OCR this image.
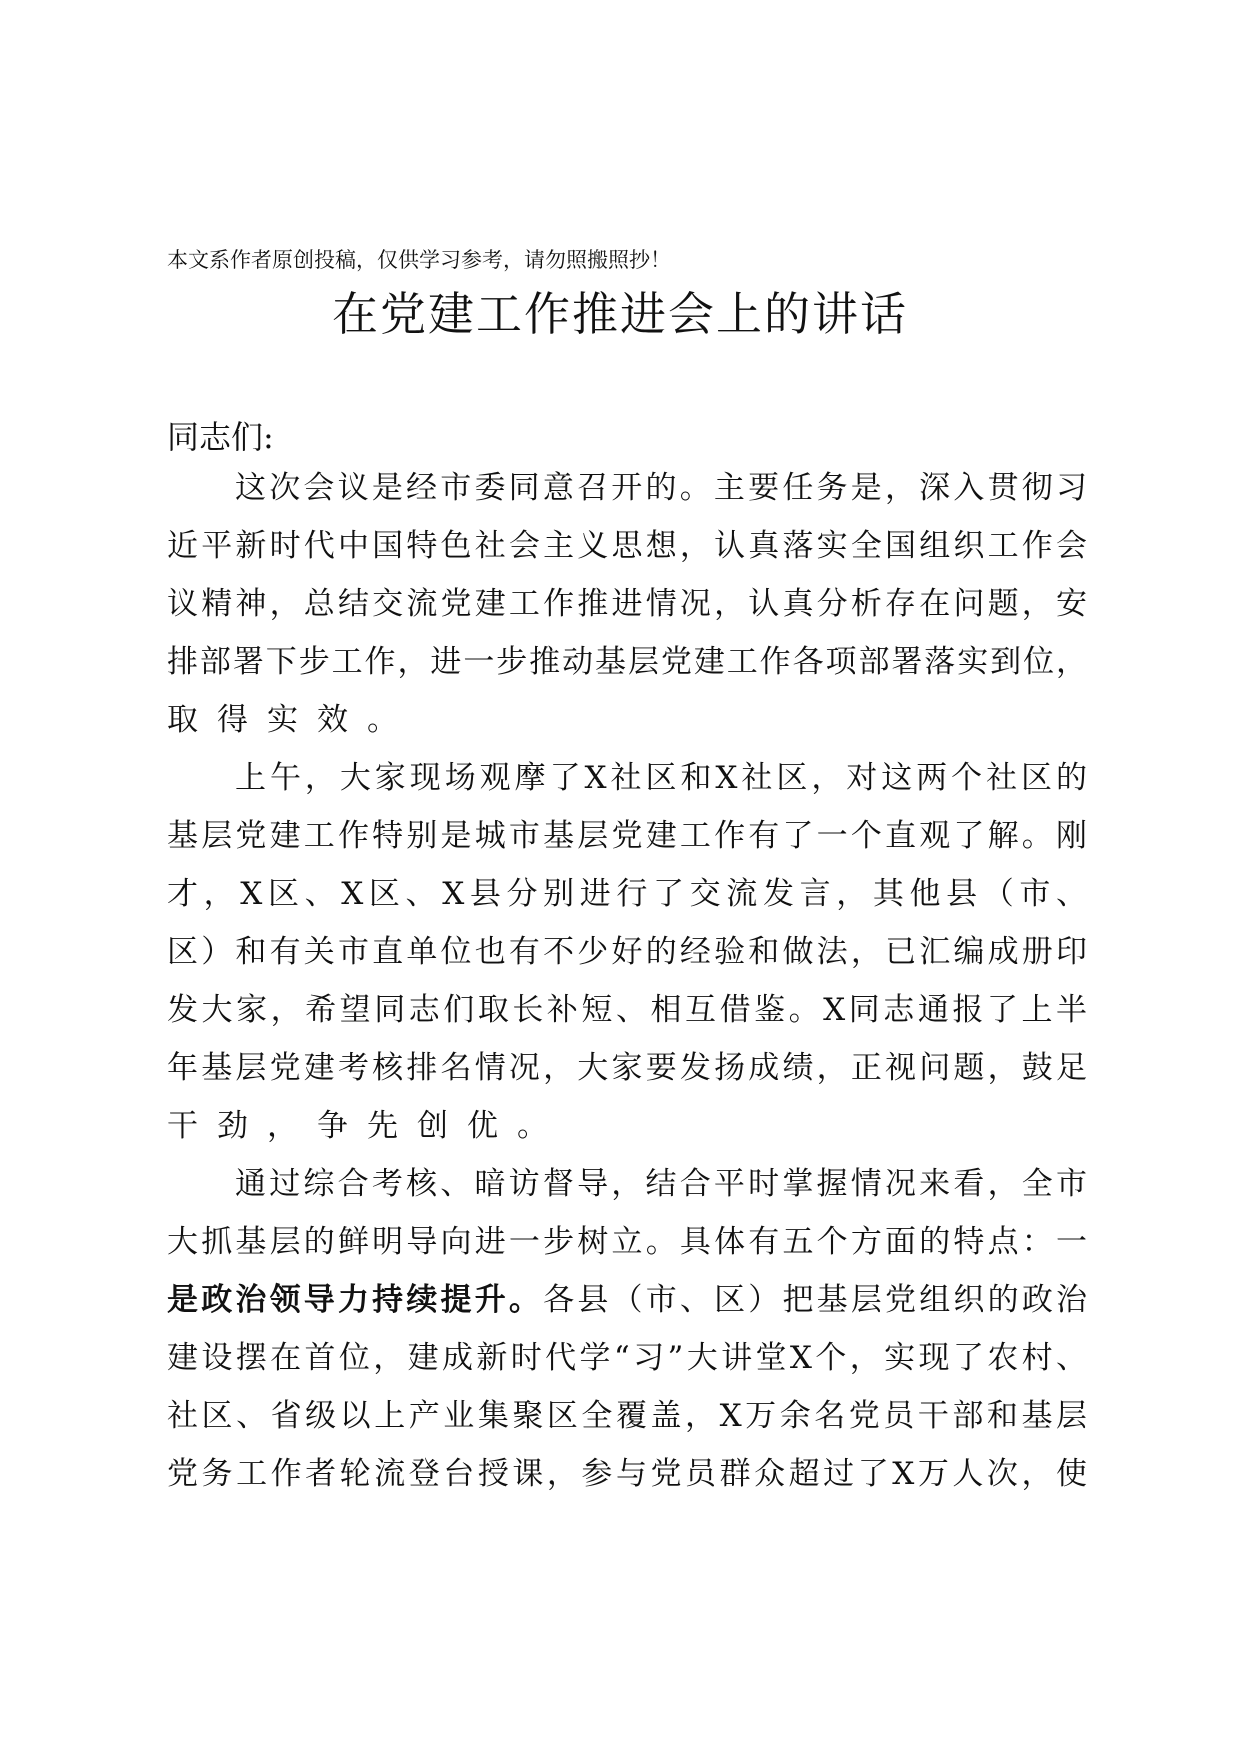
本文系作者原创投稿，仅供学习参考，请勿照搬照抄！
在党建工作推进会上的讲话
同志们:
这次会议是经市委同意召开的。主要任务是，深入贯彻习
近平新时代中国特色社会主义思想，认真落实全国组织工作会
议精神，总结交流党建工作推进情况，认真分析存在问题，安
排部署下步工作，进一步推动基层党建工作各项部署落实到位，
取得实效。
上午，大家现场观摩了X社区和X社区，对这两个社区的
基层党建工作特别是城市基层党建工作有了一个直观了解。刚
才，X区、X区、X县分别进行了交流发言，其他县（市、
区）和有关市直单位也有不少好的经验和做法，已汇编成册印
发大家，希望同志们取长补短、相互借鉴。X同志通报了上半
年基层党建考核排名情况，大家要发扬成绩，正视问题，鼓足
干劲，争先创优。
通过综合考核、暗访督导，结合平时掌握情况来看，全市
大抓基层的鲜明导向进一步树立。具体有五个方面的特点：一
是政治领导力持续提升。各县（市、区）把基层党组织的政治
建设摆在首位，建成新时代学“习”大讲堂X个，实现了农村、
社区、省级以上产业集聚区全覆盖，X万余名党员干部和基层
党务工作者轮流登台授课，参与党员群众超过了X万人次，使
